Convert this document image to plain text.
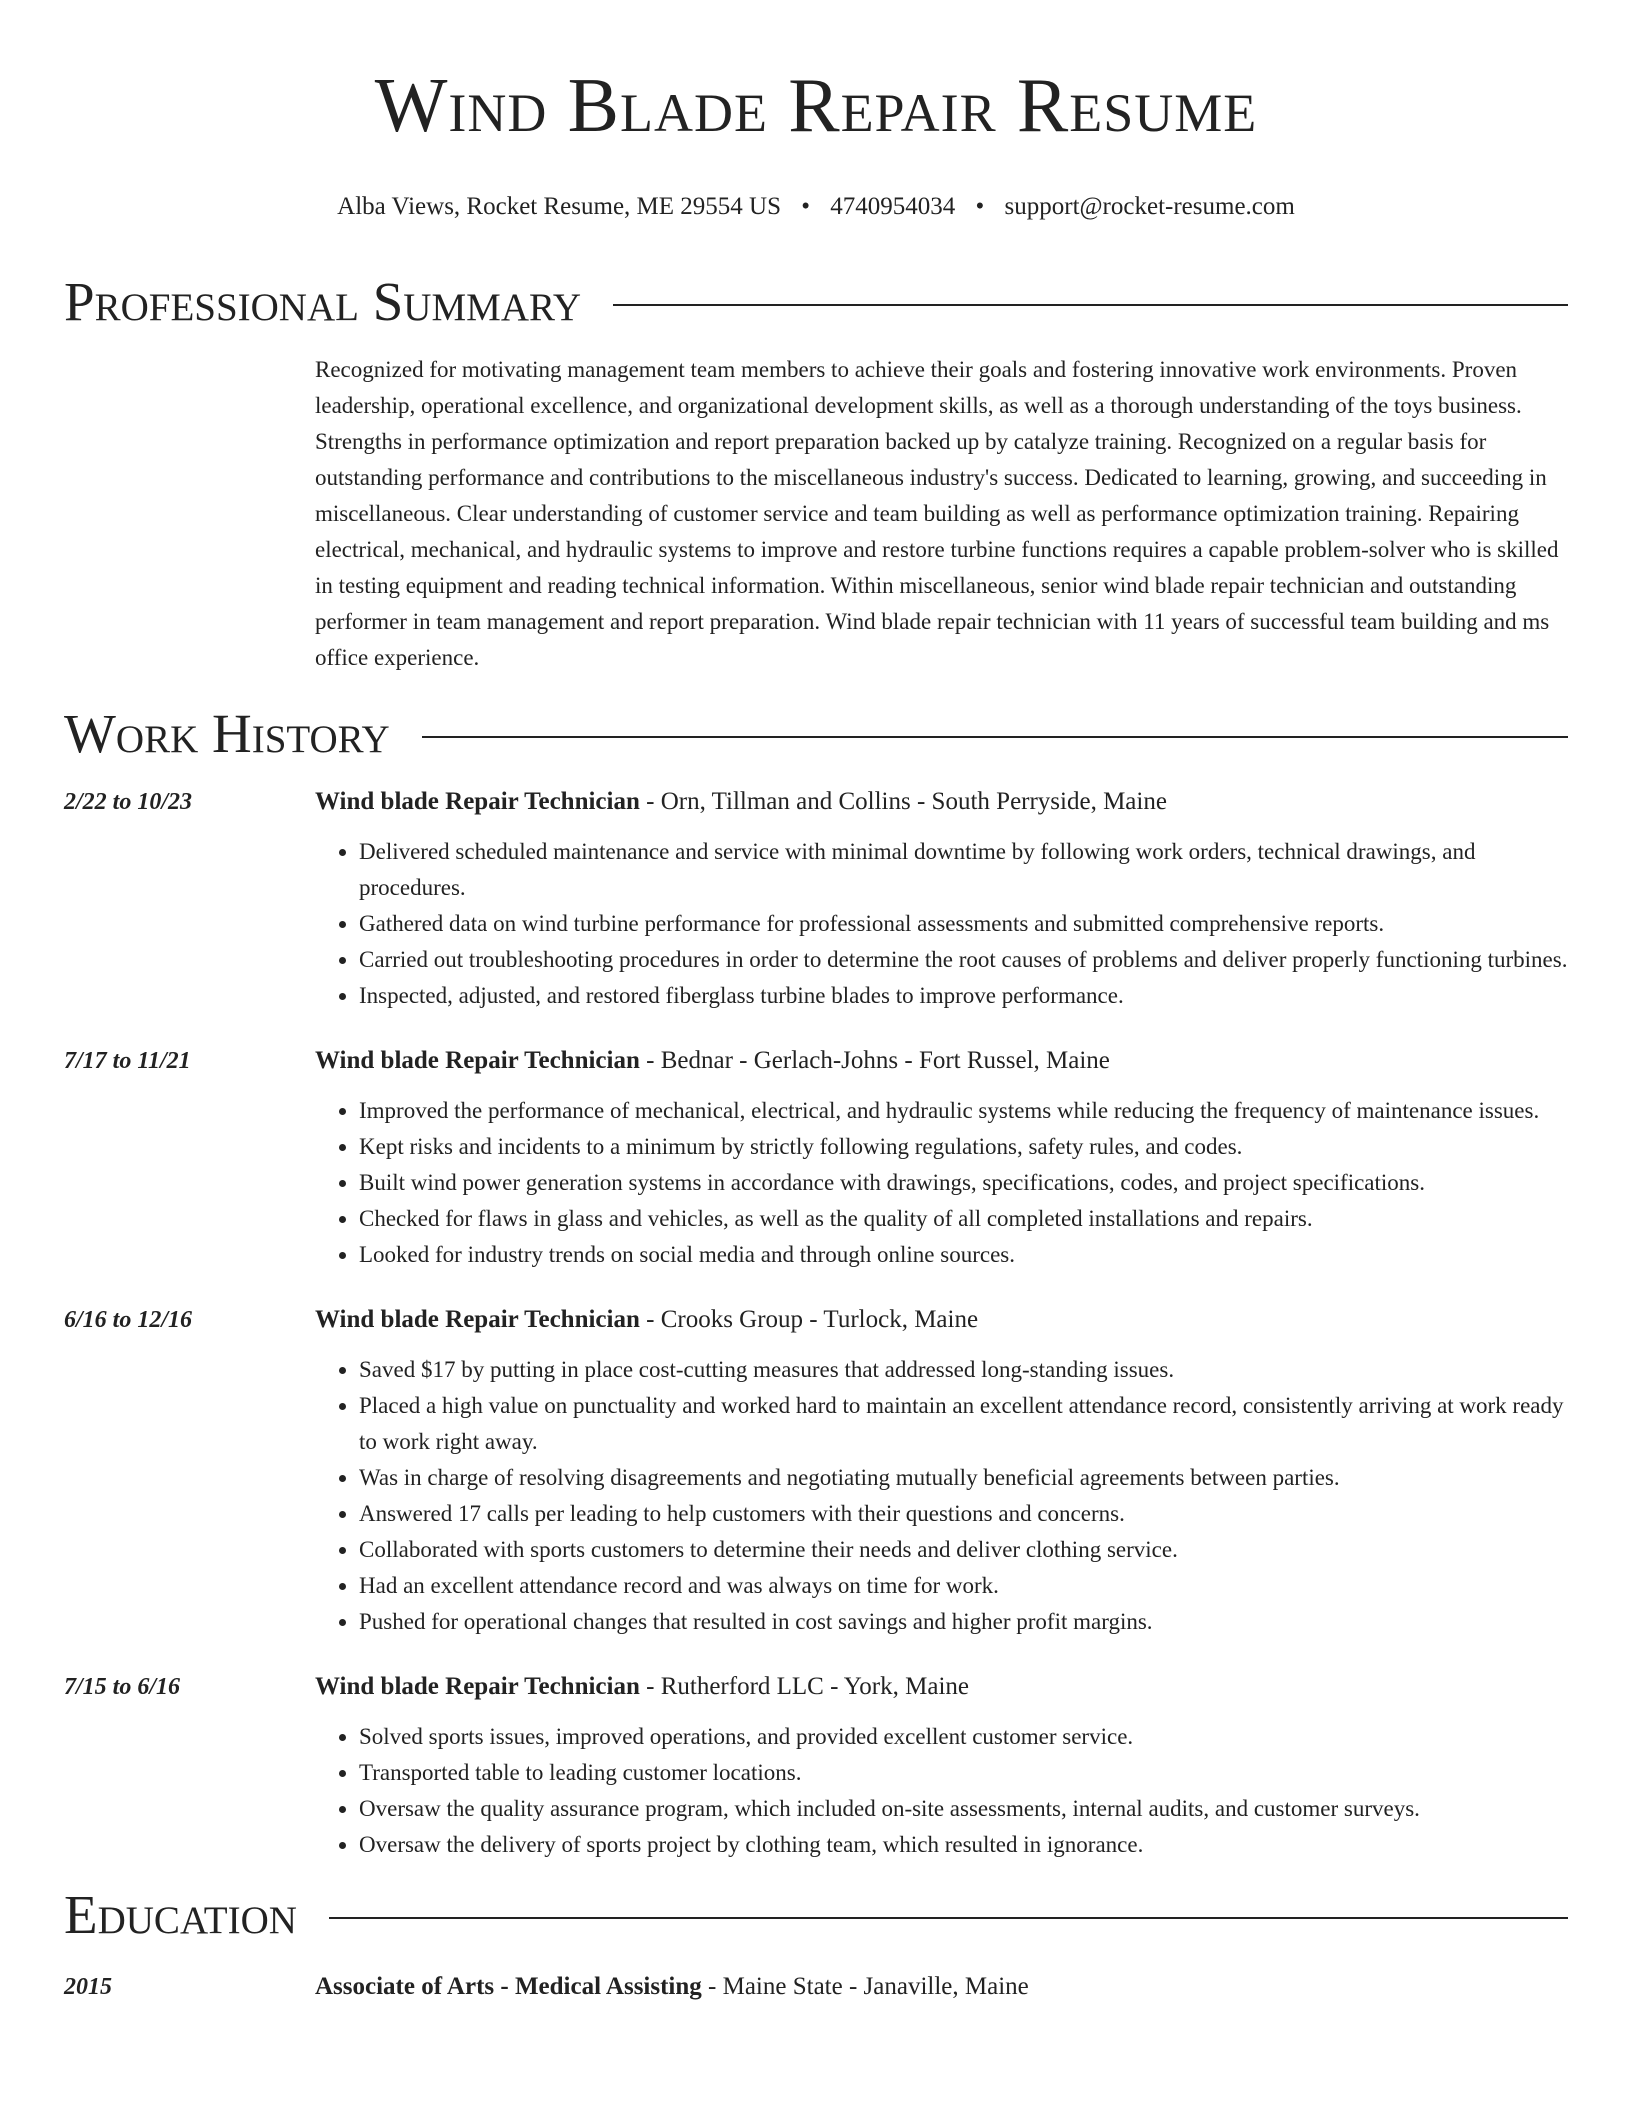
Wind Blade Repair Resume
Alba Views, Rocket Resume, ME 29554 US • 4740954034 • support@rocket-resume.com
Professional Summary

Recognized for motivating management team members to achieve their goals and fostering innovative work environments. Proven leadership, operational excellence, and organizational development skills, as well as a thorough understanding of the toys business. Strengths in performance optimization and report preparation backed up by catalyze training. Recognized on a regular basis for outstanding performance and contributions to the miscellaneous industry's success. Dedicated to learning, growing, and succeeding in miscellaneous. Clear understanding of customer service and team building as well as performance optimization training. Repairing electrical, mechanical, and hydraulic systems to improve and restore turbine functions requires a capable problem-solver who is skilled in testing equipment and reading technical information. Within miscellaneous, senior wind blade repair technician and outstanding performer in team management and report preparation. Wind blade repair technician with 11 years of successful team building and ms office experience.

Work History
2/22 to 10/23	Wind blade Repair Technician - Orn, Tillman and Collins - South Perryside, Maine
• Delivered scheduled maintenance and service with minimal downtime by following work orders, technical drawings, and procedures.
• Gathered data on wind turbine performance for professional assessments and submitted comprehensive reports.
• Carried out troubleshooting procedures in order to determine the root causes of problems and deliver properly functioning turbines.
• Inspected, adjusted, and restored fiberglass turbine blades to improve performance.
7/17 to 11/21	Wind blade Repair Technician - Bednar - Gerlach-Johns - Fort Russel, Maine
• Improved the performance of mechanical, electrical, and hydraulic systems while reducing the frequency of maintenance issues.
• Kept risks and incidents to a minimum by strictly following regulations, safety rules, and codes.
• Built wind power generation systems in accordance with drawings, specifications, codes, and project specifications.
• Checked for flaws in glass and vehicles, as well as the quality of all completed installations and repairs.
• Looked for industry trends on social media and through online sources.
6/16 to 12/16	Wind blade Repair Technician - Crooks Group - Turlock, Maine
• Saved $17 by putting in place cost-cutting measures that addressed long-standing issues.
• Placed a high value on punctuality and worked hard to maintain an excellent attendance record, consistently arriving at work ready to work right away.
• Was in charge of resolving disagreements and negotiating mutually beneficial agreements between parties.
• Answered 17 calls per leading to help customers with their questions and concerns.
• Collaborated with sports customers to determine their needs and deliver clothing service.
• Had an excellent attendance record and was always on time for work.
• Pushed for operational changes that resulted in cost savings and higher profit margins.
7/15 to 6/16	Wind blade Repair Technician - Rutherford LLC - York, Maine
• Solved sports issues, improved operations, and provided excellent customer service.
• Transported table to leading customer locations.
• Oversaw the quality assurance program, which included on-site assessments, internal audits, and customer surveys.
• Oversaw the delivery of sports project by clothing team, which resulted in ignorance.
Education
2015	Associate of Arts - Medical Assisting - Maine State - Janaville, Maine
